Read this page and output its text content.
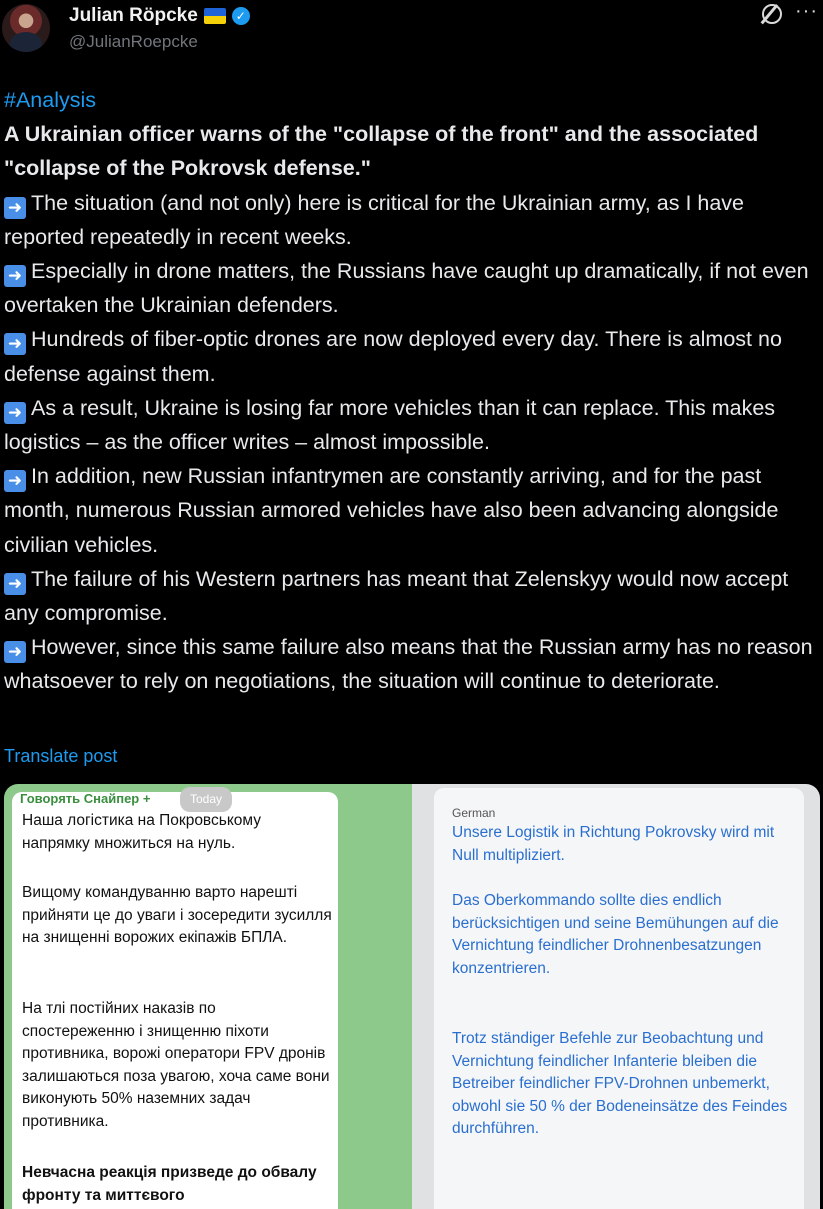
Julian Röpcke	✓
@JulianRoepcke
···
#Analysis
A Ukrainian officer warns of the "collapse of the front" and the associated "collapse of the Pokrovsk defense."
➜ The situation (and not only) here is critical for the Ukrainian army, as I have reported repeatedly in recent weeks.
➜ Especially in drone matters, the Russians have caught up dramatically, if not even overtaken the Ukrainian defenders.
➜ Hundreds of fiber-optic drones are now deployed every day. There is almost no defense against them.
➜ As a result, Ukraine is losing far more vehicles than it can replace. This makes logistics – as the officer writes – almost impossible.
➜ In addition, new Russian infantrymen are constantly arriving, and for the past month, numerous Russian armored vehicles have also been advancing alongside civilian vehicles.
➜ The failure of his Western partners has meant that Zelenskyy would now accept any compromise.
➜ However, since this same failure also means that the Russian army has no reason whatsoever to rely on negotiations, the situation will continue to deteriorate.
Translate post
Говорять Снайпер +	Today
Наша логістика на Покровському напрямку множиться на нуль.
Вищому командуванню варто нарешті прийняти це до уваги і зосередити зусилля на знищенні ворожих екіпажів БПЛА.
На тлі постійних наказів по спостереженню і знищенню піхоти противника, ворожі оператори FPV дронів залишаються поза увагою, хоча саме вони виконують 50% наземних задач противника.
Невчасна реакція призведе до обвалу фронту та миттєвого
German
Unsere Logistik in Richtung Pokrovsky wird mit Null multipliziert.
Das Oberkommando sollte dies endlich berücksichtigen und seine Bemühungen auf die Vernichtung feindlicher Drohnenbesatzungen konzentrieren.
Trotz ständiger Befehle zur Beobachtung und Vernichtung feindlicher Infanterie bleiben die Betreiber feindlicher FPV-Drohnen unbemerkt, obwohl sie 50 % der Bodeneinsätze des Feindes durchführen.
